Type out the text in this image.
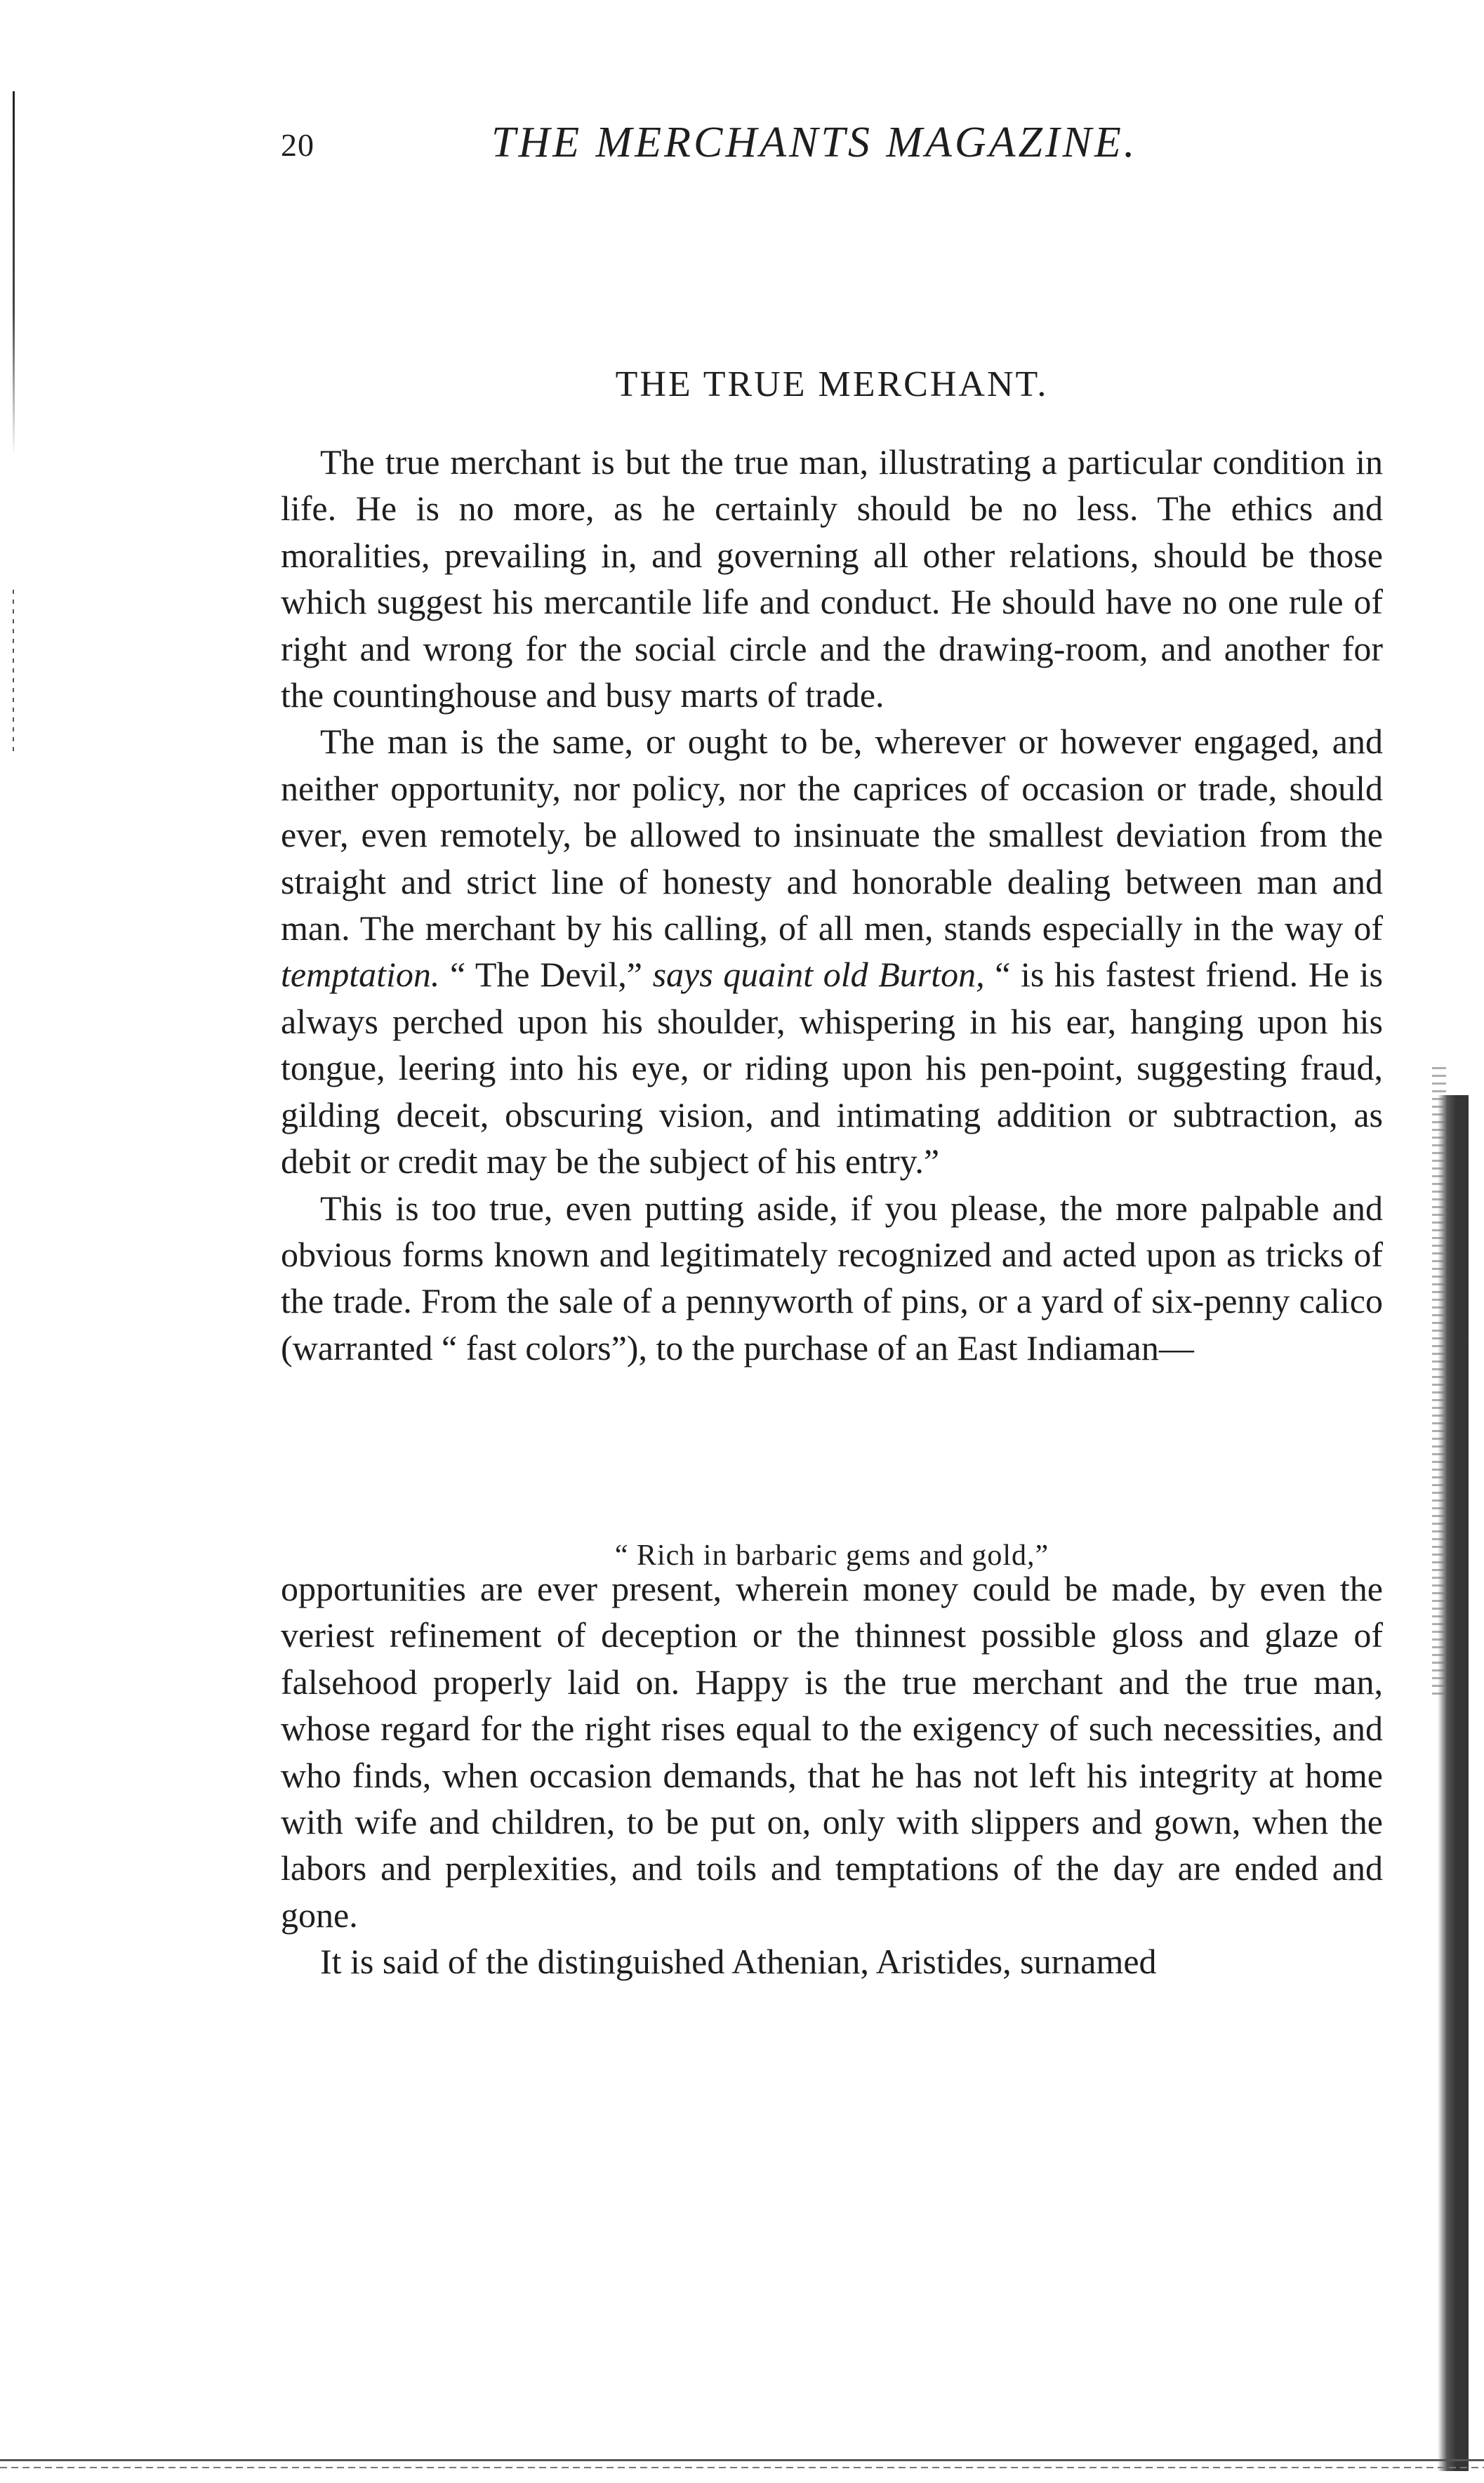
20	THE MERCHANTS MAGAZINE.
THE TRUE MERCHANT.

The true merchant is but the true man, illustrating a particular condition in life. He is no more, as he certainly should be no less. The ethics and moralities, prevailing in, and governing all other relations, should be those which suggest his mercantile life and conduct. He should have no one rule of right and wrong for the social circle and the drawing-room, and another for the countinghouse and busy marts of trade.

The man is the same, or ought to be, wherever or however engaged, and neither opportunity, nor policy, nor the caprices of occasion or trade, should ever, even remotely, be allowed to insinuate the smallest deviation from the straight and strict line of honesty and honorable dealing between man and man. The merchant by his calling, of all men, stands especially in the way of temptation. “ The Devil,” says quaint old Burton, “ is his fastest friend. He is always perched upon his shoulder, whispering in his ear, hanging upon his tongue, leering into his eye, or riding upon his pen-point, suggesting fraud, gilding deceit, obscuring vision, and intimating addition or subtraction, as debit or credit may be the subject of his entry.”

This is too true, even putting aside, if you please, the more palpable and obvious forms known and legitimately recognized and acted upon as tricks of the trade. From the sale of a pennyworth of pins, or a yard of six-penny calico (warranted “ fast colors”), to the purchase of an East Indiaman—

“ Rich in barbaric gems and gold,”

opportunities are ever present, wherein money could be made, by even the veriest refinement of deception or the thinnest possible gloss and glaze of falsehood properly laid on. Happy is the true merchant and the true man, whose regard for the right rises equal to the exigency of such necessities, and who finds, when occasion demands, that he has not left his integrity at home with wife and children, to be put on, only with slippers and gown, when the labors and perplexities, and toils and temptations of the day are ended and gone.

It is said of the distinguished Athenian, Aristides, surnamed
